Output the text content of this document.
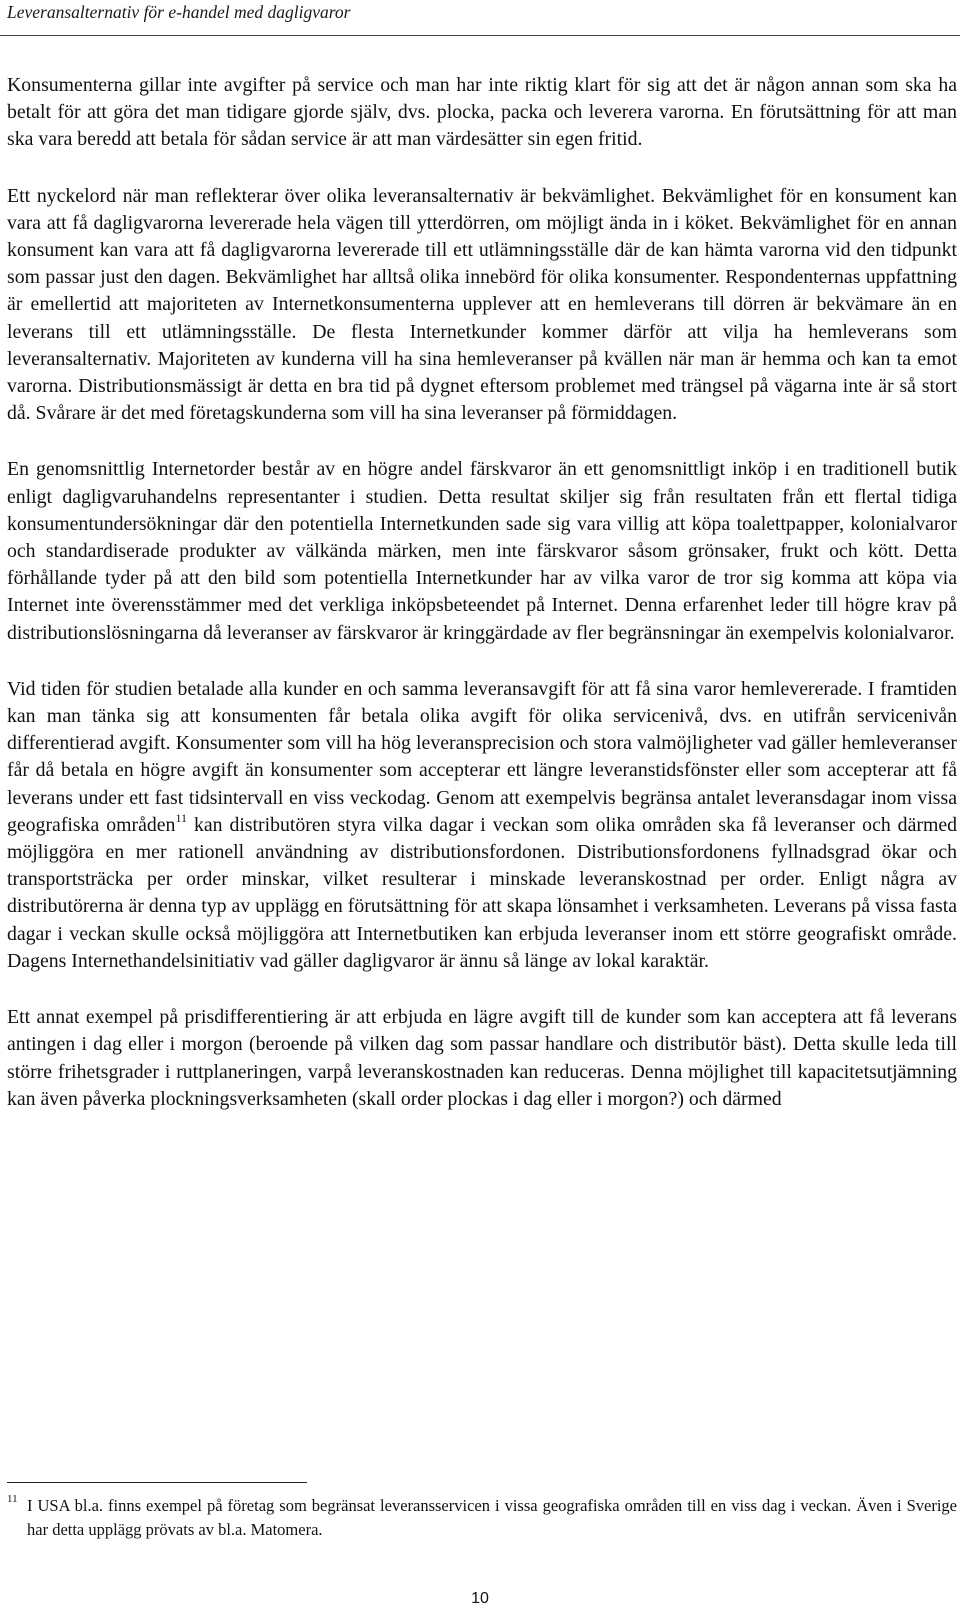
Leveransalternativ för e-handel med dagligvaror

Konsumenterna gillar inte avgifter på service och man har inte riktig klart för sig att det är någon annan som ska ha betalt för att göra det man tidigare gjorde själv, dvs. plocka, packa och leverera varorna. En förutsättning för att man ska vara beredd att betala för sådan service är att man värdesätter sin egen fritid.

Ett nyckelord när man reflekterar över olika leveransalternativ är bekvämlighet. Bekvämlighet för en konsument kan vara att få dagligvarorna levererade hela vägen till ytterdörren, om möjligt ända in i köket. Bekvämlighet för en annan konsument kan vara att få dagligvarorna levererade till ett utlämningsställe där de kan hämta varorna vid den tidpunkt som passar just den dagen. Bekvämlighet har alltså olika innebörd för olika konsumenter. Respondenternas uppfattning är emellertid att majoriteten av Internetkonsumenterna upplever att en hemleverans till dörren är bekvämare än en leverans till ett utlämningsställe. De flesta Internetkunder kommer därför att vilja ha hemleverans som leveransalternativ. Majoriteten av kunderna vill ha sina hemleveranser på kvällen när man är hemma och kan ta emot varorna. Distributionsmässigt är detta en bra tid på dygnet eftersom problemet med trängsel på vägarna inte är så stort då. Svårare är det med företagskunderna som vill ha sina leveranser på förmiddagen.

En genomsnittlig Internetorder består av en högre andel färskvaror än ett genomsnittligt inköp i en traditionell butik enligt dagligvaruhandelns representanter i studien. Detta resultat skiljer sig från resultaten från ett flertal tidiga konsumentundersökningar där den potentiella Internetkunden sade sig vara villig att köpa toalettpapper, kolonialvaror och standardiserade produkter av välkända märken, men inte färskvaror såsom grönsaker, frukt och kött. Detta förhållande tyder på att den bild som potentiella Internetkunder har av vilka varor de tror sig komma att köpa via Internet inte överensstämmer med det verkliga inköpsbeteendet på Internet. Denna erfarenhet leder till högre krav på distributionslösningarna då leveranser av färskvaror är kringgärdade av fler begränsningar än exempelvis kolonialvaror.

Vid tiden för studien betalade alla kunder en och samma leveransavgift för att få sina varor hemlevererade. I framtiden kan man tänka sig att konsumenten får betala olika avgift för olika servicenivå, dvs. en utifrån servicenivån differentierad avgift. Konsumenter som vill ha hög leveransprecision och stora valmöjligheter vad gäller hemleveranser får då betala en högre avgift än konsumenter som accepterar ett längre leveranstidsfönster eller som accepterar att få leverans under ett fast tidsintervall en viss veckodag. Genom att exempelvis begränsa antalet leveransdagar inom vissa geografiska områden$^{11}$ kan distributören styra vilka dagar i veckan som olika områden ska få leveranser och därmed möjliggöra en mer rationell användning av distributionsfordonen. Distributionsfordonens fyllnadsgrad ökar och transportsträcka per order minskar, vilket resulterar i minskade leveranskostnad per order. Enligt några av distributörerna är denna typ av upplägg en förutsättning för att skapa lönsamhet i verksamheten. Leverans på vissa fasta dagar i veckan skulle också möjliggöra att Internetbutiken kan erbjuda leveranser inom ett större geografiskt område. Dagens Internethandelsinitiativ vad gäller dagligvaror är ännu så länge av lokal karaktär.

Ett annat exempel på prisdifferentiering är att erbjuda en lägre avgift till de kunder som kan acceptera att få leverans antingen i dag eller i morgon (beroende på vilken dag som passar handlare och distributör bäst). Detta skulle leda till större frihetsgrader i ruttplaneringen, varpå leveranskostnaden kan reduceras. Denna möjlighet till kapacitetsutjämning kan även påverka plockningsverksamheten (skall order plockas i dag eller i morgon?) och därmed

11 I USA bl.a. finns exempel på företag som begränsat leveransservicen i vissa geografiska områden till en viss dag i veckan. Även i Sverige har detta upplägg prövats av bl.a. Matomera.
10
